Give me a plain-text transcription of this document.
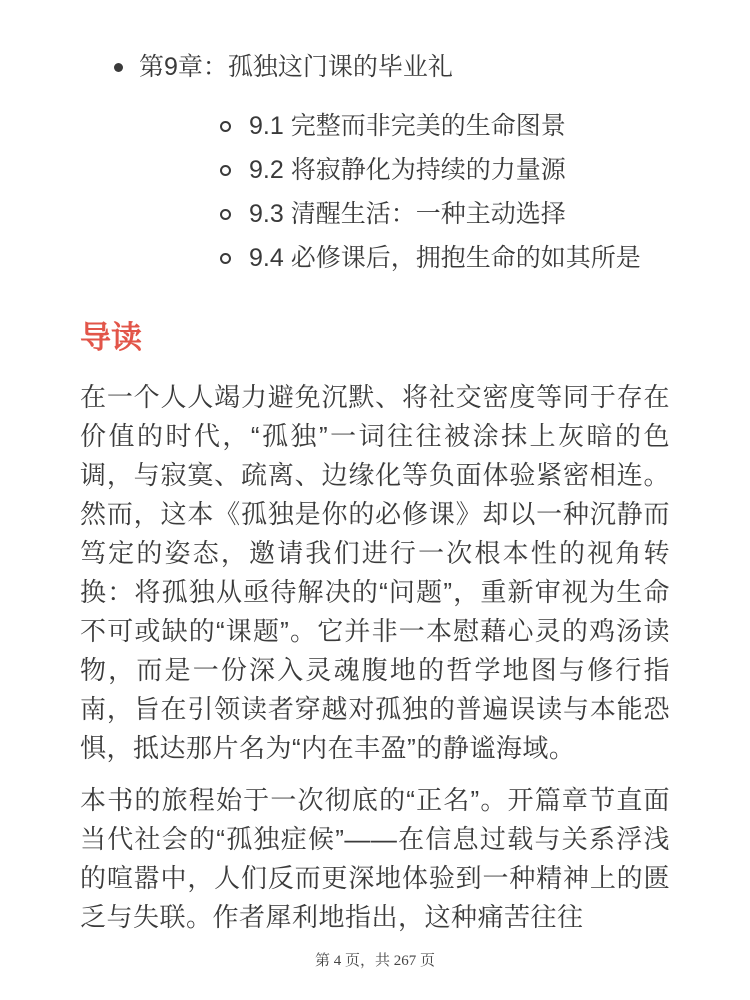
第9章：孤独这门课的毕业礼
9.1 完整而非完美的生命图景
9.2 将寂静化为持续的力量源
9.3 清醒生活：一种主动选择
9.4 必修课后，拥抱生命的如其所是
导读

在一个人人竭力避免沉默、将社交密度等同于存在价值的时代，“孤独”一词往往被涂抹上灰暗的色调，与寂寞、疏离、边缘化等负面体验紧密相连。然而，这本《孤独是你的必修课》却以一种沉静而笃定的姿态，邀请我们进行一次根本性的视角转换：将孤独从亟待解决的“问题”，重新审视为生命不可或缺的“课题”。它并非一本慰藉心灵的鸡汤读物，而是一份深入灵魂腹地的哲学地图与修行指南，旨在引领读者穿越对孤独的普遍误读与本能恐惧，抵达那片名为“内在丰盈”的静谧海域。

本书的旅程始于一次彻底的“正名”。开篇章节直面当代社会的“孤独症候”——在信息过载与关系浮浅的喧嚣中，人们反而更深地体验到一种精神上的匮乏与失联。作者犀利地指出，这种痛苦往往

第 4 页，共 267 页
